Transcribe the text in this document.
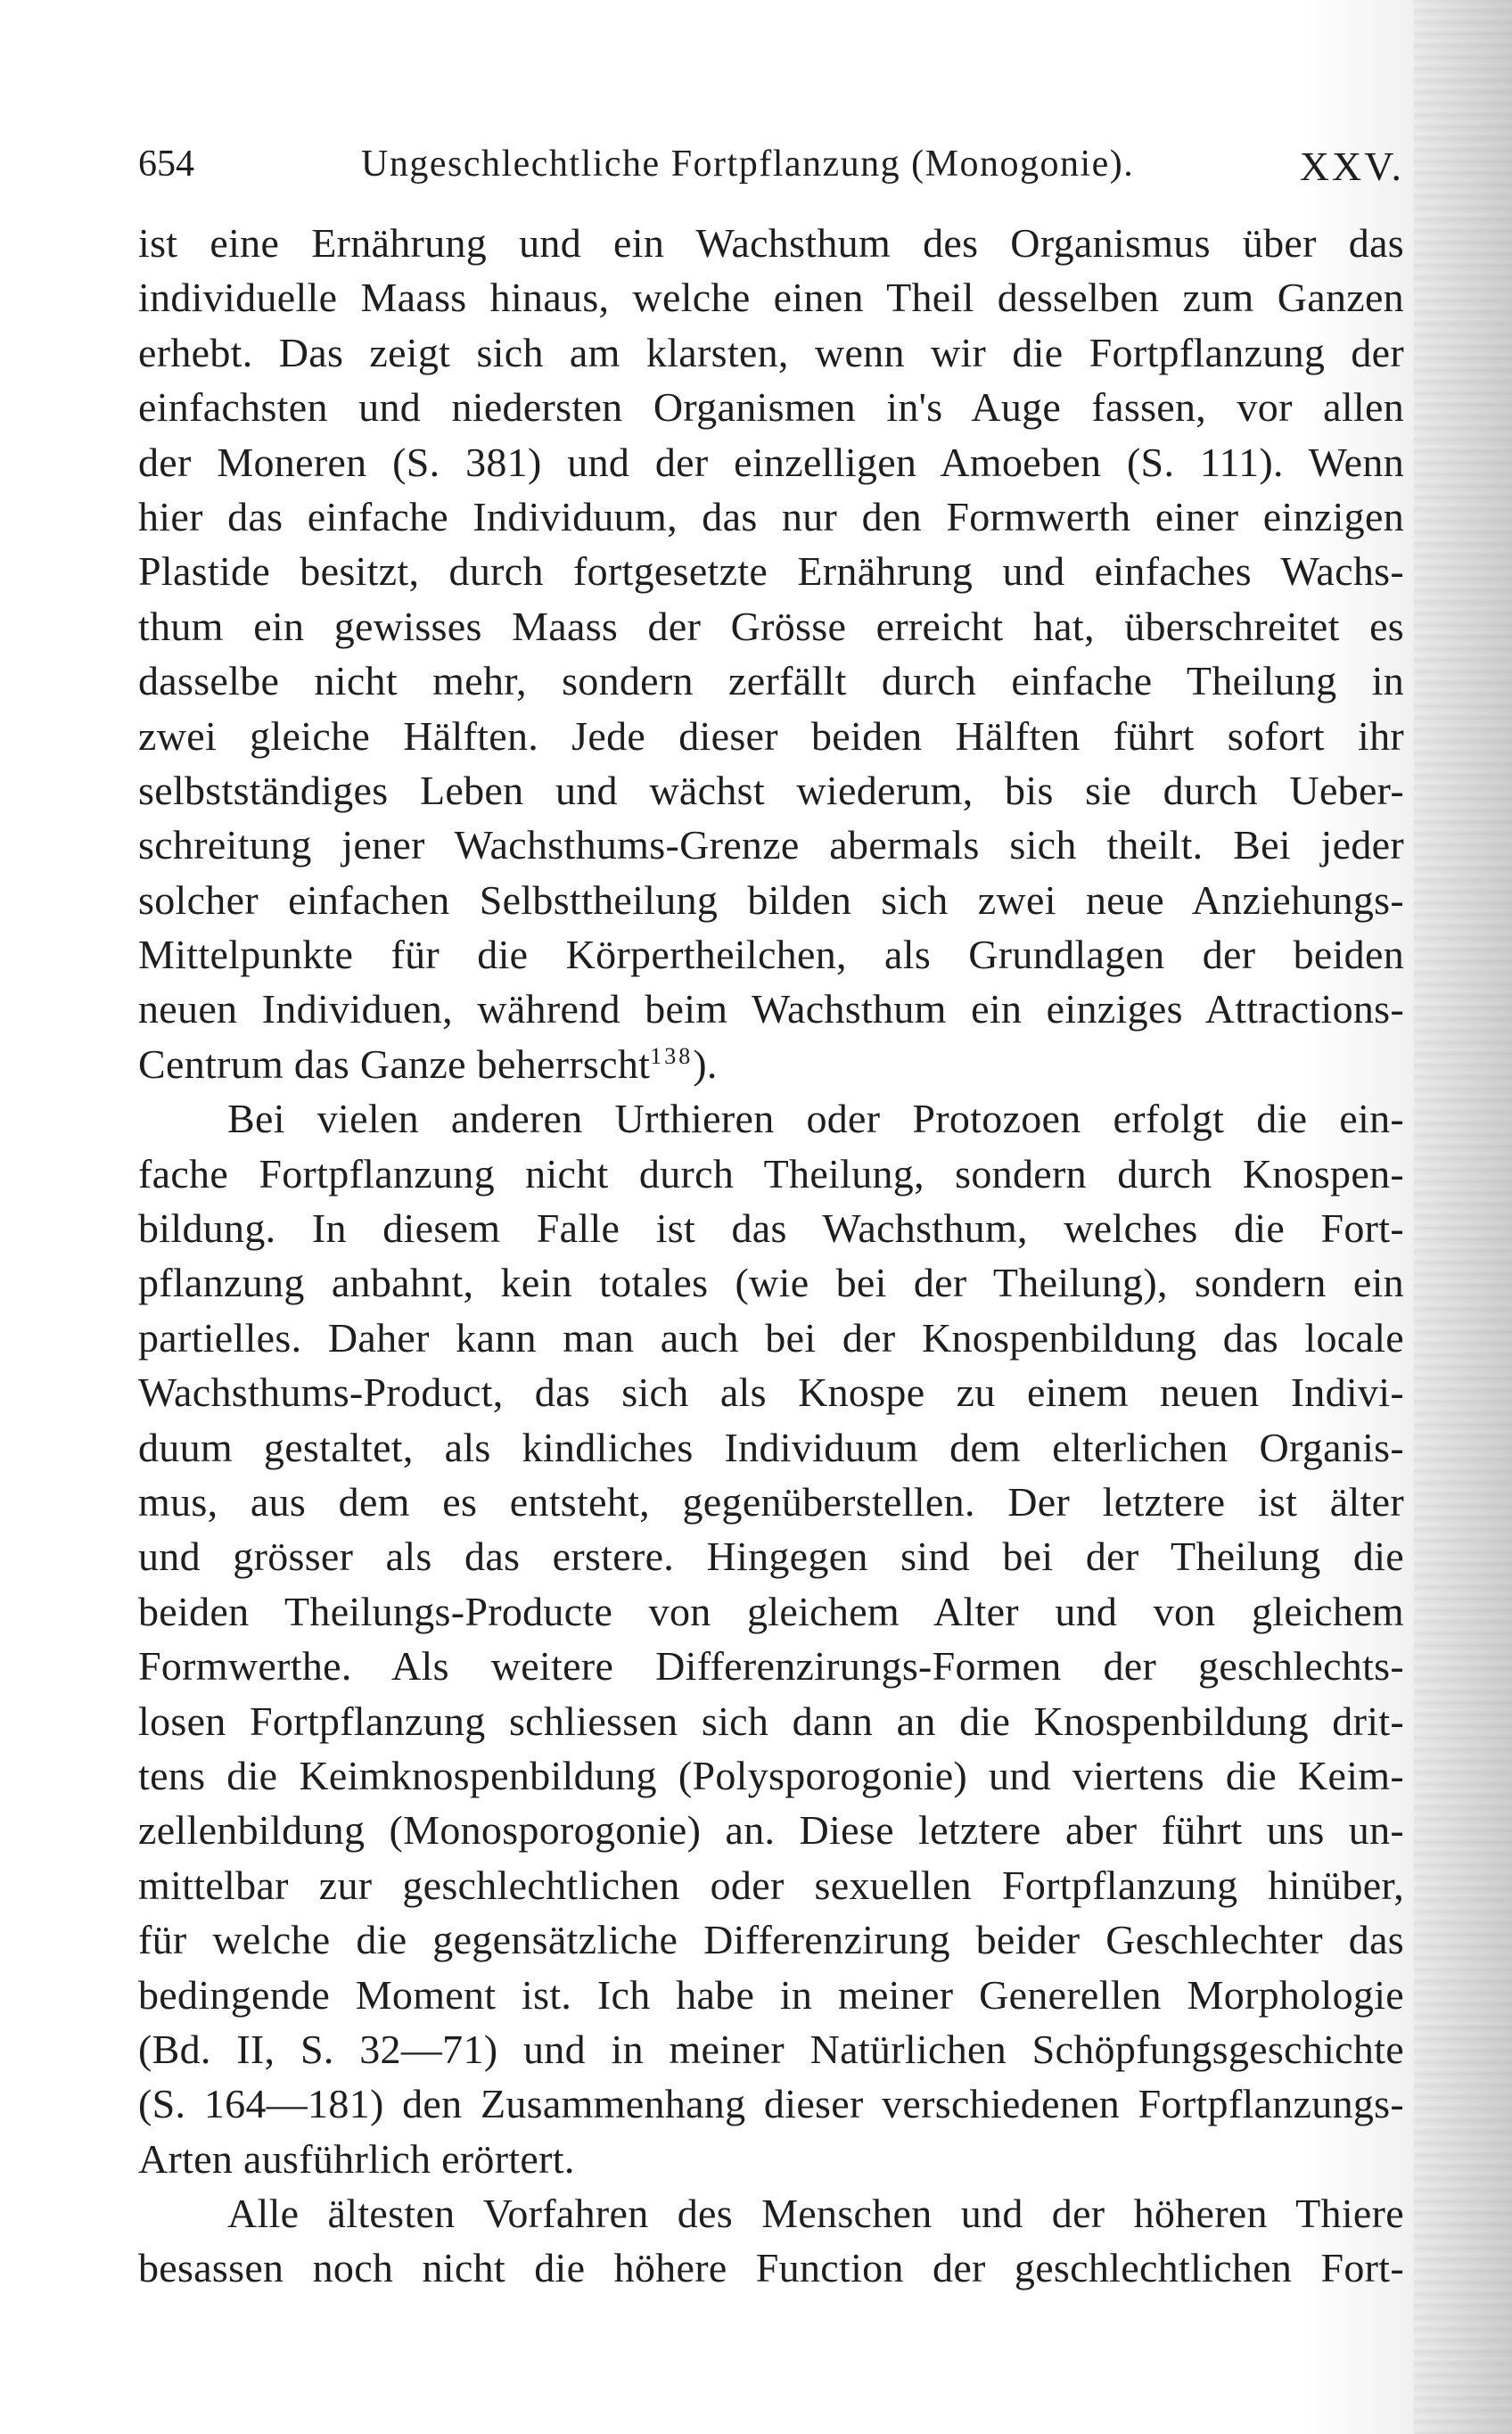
654	Ungeschlechtliche Fortpflanzung (Monogonie).	XXV.
ist eine Ernährung und ein Wachsthum des Organismus über das
individuelle Maass hinaus, welche einen Theil desselben zum Ganzen
erhebt. Das zeigt sich am klarsten, wenn wir die Fortpflanzung der
einfachsten und niedersten Organismen in's Auge fassen, vor allen
der Moneren (S. 381) und der einzelligen Amoeben (S. 111). Wenn
hier das einfache Individuum, das nur den Formwerth einer einzigen
Plastide besitzt, durch fortgesetzte Ernährung und einfaches Wachs-
thum ein gewisses Maass der Grösse erreicht hat, überschreitet es
dasselbe nicht mehr, sondern zerfällt durch einfache Theilung in
zwei gleiche Hälften. Jede dieser beiden Hälften führt sofort ihr
selbstständiges Leben und wächst wiederum, bis sie durch Ueber-
schreitung jener Wachsthums-Grenze abermals sich theilt. Bei jeder
solcher einfachen Selbsttheilung bilden sich zwei neue Anziehungs-
Mittelpunkte für die Körpertheilchen, als Grundlagen der beiden
neuen Individuen, während beim Wachsthum ein einziges Attractions-
Centrum das Ganze beherrscht$^{138}$).
Bei vielen anderen Urthieren oder Protozoen erfolgt die ein-
fache Fortpflanzung nicht durch Theilung, sondern durch Knospen-
bildung. In diesem Falle ist das Wachsthum, welches die Fort-
pflanzung anbahnt, kein totales (wie bei der Theilung), sondern ein
partielles. Daher kann man auch bei der Knospenbildung das locale
Wachsthums-Product, das sich als Knospe zu einem neuen Indivi-
duum gestaltet, als kindliches Individuum dem elterlichen Organis-
mus, aus dem es entsteht, gegenüberstellen. Der letztere ist älter
und grösser als das erstere. Hingegen sind bei der Theilung die
beiden Theilungs-Producte von gleichem Alter und von gleichem
Formwerthe. Als weitere Differenzirungs-Formen der geschlechts-
losen Fortpflanzung schliessen sich dann an die Knospenbildung drit-
tens die Keimknospenbildung (Polysporogonie) und viertens die Keim-
zellenbildung (Monosporogonie) an. Diese letztere aber führt uns un-
mittelbar zur geschlechtlichen oder sexuellen Fortpflanzung hinüber,
für welche die gegensätzliche Differenzirung beider Geschlechter das
bedingende Moment ist. Ich habe in meiner Generellen Morphologie
(Bd. II, S. 32—71) und in meiner Natürlichen Schöpfungsgeschichte
(S. 164—181) den Zusammenhang dieser verschiedenen Fortpflanzungs-
Arten ausführlich erörtert.
Alle ältesten Vorfahren des Menschen und der höheren Thiere
besassen noch nicht die höhere Function der geschlechtlichen Fort-
